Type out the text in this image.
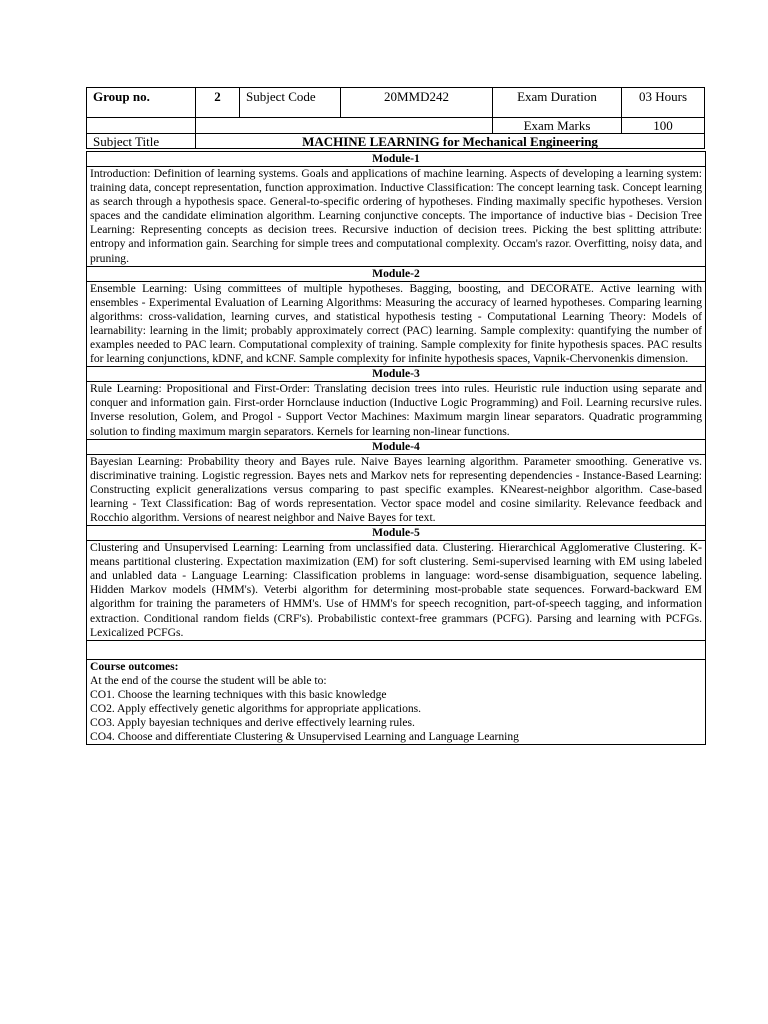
Group no.	2	Subject Code	20MMD242	Exam Duration	03 Hours
				Exam Marks	100
Subject Title	MACHINE LEARNING for Mechanical Engineering				
Module-1
Introduction: Definition of learning systems. Goals and applications of machine learning. Aspects of developing a learning system: training data, concept representation, function approximation. Inductive Classification: The concept learning task. Concept learning as search through a hypothesis space. General-to-specific ordering of hypotheses. Finding maximally specific hypotheses. Version spaces and the candidate elimination algorithm. Learning conjunctive concepts. The importance of inductive bias - Decision Tree Learning: Representing concepts as decision trees. Recursive induction of decision trees. Picking the best splitting attribute: entropy and information gain. Searching for simple trees and computational complexity. Occam's razor. Overfitting, noisy data, and pruning.
Module-2
Ensemble Learning: Using committees of multiple hypotheses. Bagging, boosting, and DECORATE. Active learning with ensembles - Experimental Evaluation of Learning Algorithms: Measuring the accuracy of learned hypotheses. Comparing learning algorithms: cross-validation, learning curves, and statistical hypothesis testing - Computational Learning Theory: Models of learnability: learning in the limit; probably approximately correct (PAC) learning. Sample complexity: quantifying the number of examples needed to PAC learn. Computational complexity of training. Sample complexity for finite hypothesis spaces. PAC results for learning conjunctions, kDNF, and kCNF. Sample complexity for infinite hypothesis spaces, Vapnik-Chervonenkis dimension.
Module-3
Rule Learning: Propositional and First-Order: Translating decision trees into rules. Heuristic rule induction using separate and conquer and information gain. First-order Hornclause induction (Inductive Logic Programming) and Foil. Learning recursive rules. Inverse resolution, Golem, and Progol - Support Vector Machines: Maximum margin linear separators. Quadratic programming solution to finding maximum margin separators. Kernels for learning non-linear functions.
Module-4
Bayesian Learning: Probability theory and Bayes rule. Naive Bayes learning algorithm. Parameter smoothing. Generative vs. discriminative training. Logistic regression. Bayes nets and Markov nets for representing dependencies - Instance-Based Learning: Constructing explicit generalizations versus comparing to past specific examples. KNearest-neighbor algorithm. Case-based learning - Text Classification: Bag of words representation. Vector space model and cosine similarity. Relevance feedback and Rocchio algorithm. Versions of nearest neighbor and Naive Bayes for text.
Module-5
Clustering and Unsupervised Learning: Learning from unclassified data. Clustering. Hierarchical Agglomerative Clustering. K-means partitional clustering. Expectation maximization (EM) for soft clustering. Semi-supervised learning with EM using labeled and unlabled data - Language Learning: Classification problems in language: word-sense disambiguation, sequence labeling. Hidden Markov models (HMM's). Veterbi algorithm for determining most-probable state sequences. Forward-backward EM algorithm for training the parameters of HMM's. Use of HMM's for speech recognition, part-of-speech tagging, and information extraction. Conditional random fields (CRF's). Probabilistic context-free grammars (PCFG). Parsing and learning with PCFGs. Lexicalized PCFGs.

Course outcomes:
At the end of the course the student will be able to:
CO1. Choose the learning techniques with this basic knowledge
CO2. Apply effectively genetic algorithms for appropriate applications.
CO3. Apply bayesian techniques and derive effectively learning rules.
CO4. Choose and differentiate Clustering & Unsupervised Learning and Language Learning
